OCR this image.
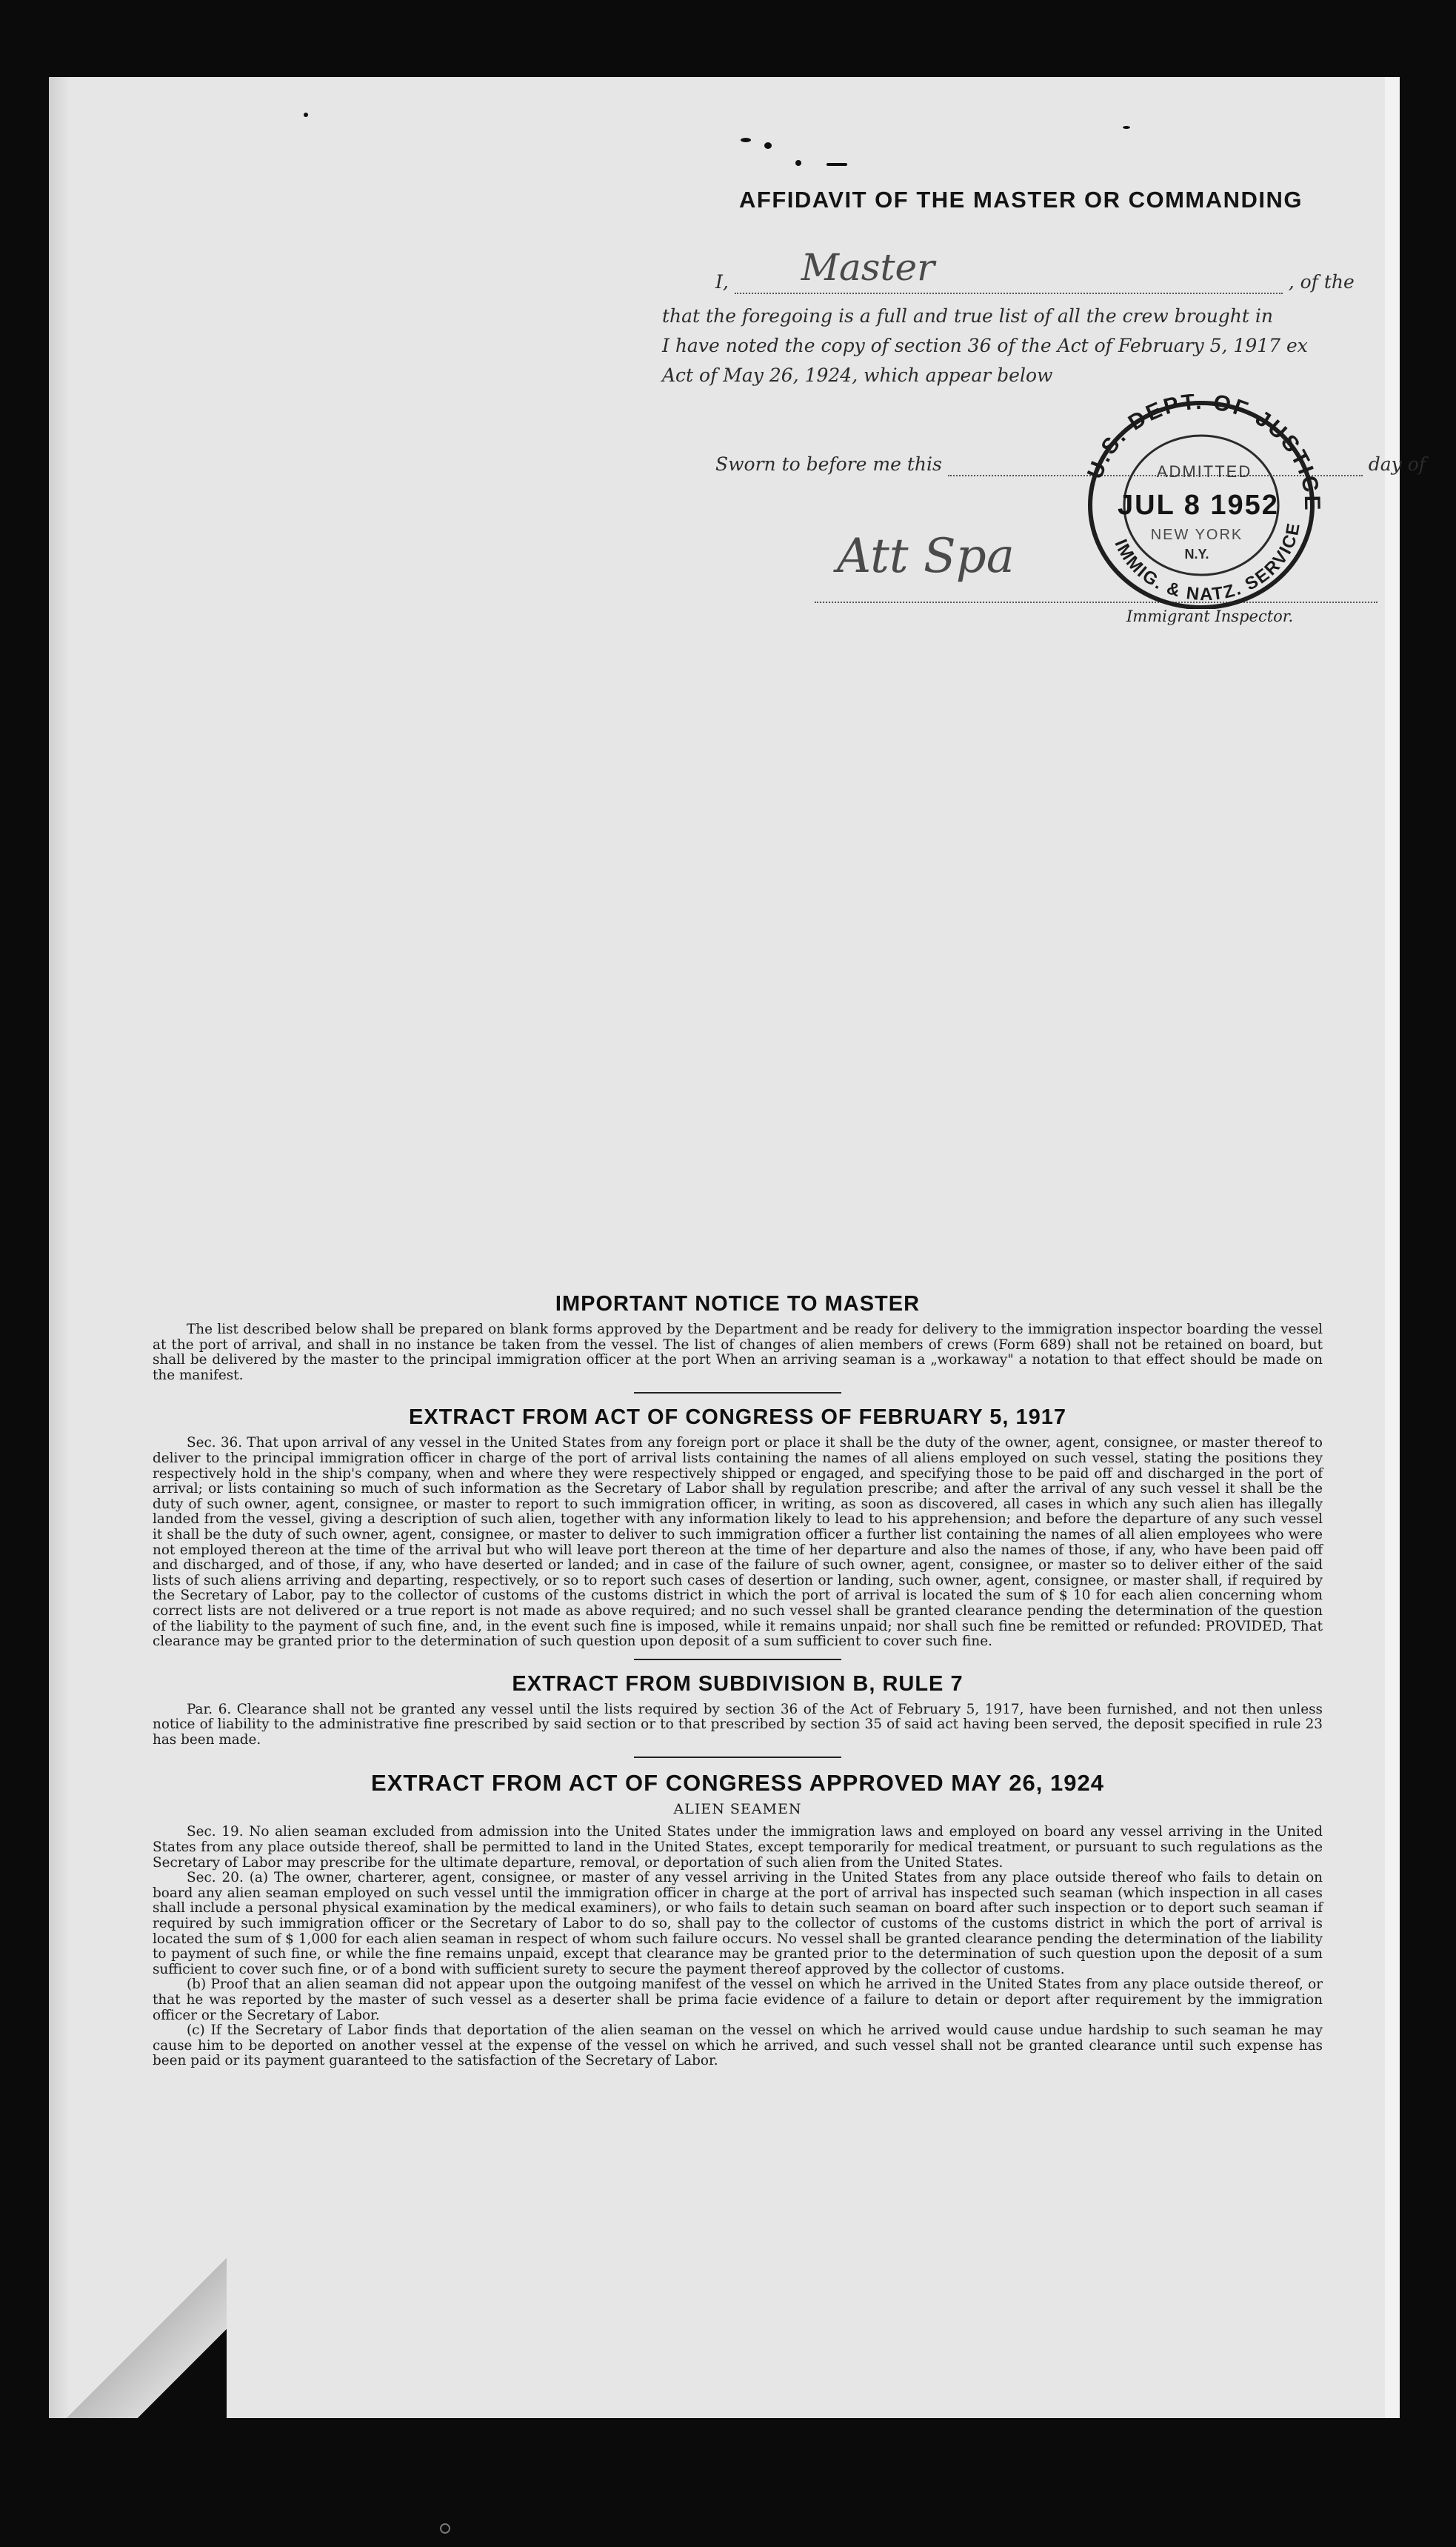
AFFIDAVIT OF THE MASTER OR COMMANDING
I, Master	, of the
that the foregoing is a full and true list of all the crew brought in
I have noted the copy of section 36 of the Act of February 5, 1917 ex
Act of May 26, 1924, which appear below
Sworn to before me this	day of
Att Spa
Immigrant Inspector.
U.S. DEPT. OF JUSTICE
IMMIG. & NATZ. SERVICE
ADMITTED
JUL 8 1952
NEW YORK
N.Y.
IMPORTANT NOTICE TO MASTER

The list described below shall be prepared on blank forms approved by the Department and be ready for delivery to the immigration inspector boarding the vessel at the port of arrival, and shall in no instance be taken from the vessel. The list of changes of alien members of crews (Form 689) shall not be retained on board, but shall be delivered by the master to the principal immigration officer at the port When an arriving seaman is a „workaway" a notation to that effect should be made on the manifest.

EXTRACT FROM ACT OF CONGRESS OF FEBRUARY 5, 1917

Sec. 36. That upon arrival of any vessel in the United States from any foreign port or place it shall be the duty of the owner, agent, consignee, or master thereof to deliver to the principal immigration officer in charge of the port of arrival lists containing the names of all aliens employed on such vessel, stating the positions they respectively hold in the ship's company, when and where they were respectively shipped or engaged, and specifying those to be paid off and discharged in the port of arrival; or lists containing so much of such information as the Secretary of Labor shall by regulation prescribe; and after the arrival of any such vessel it shall be the duty of such owner, agent, consignee, or master to report to such immigration officer, in writing, as soon as discovered, all cases in which any such alien has illegally landed from the vessel, giving a description of such alien, together with any information likely to lead to his apprehension; and before the departure of any such vessel it shall be the duty of such owner, agent, consignee, or master to deliver to such immigration officer a further list containing the names of all alien employees who were not employed thereon at the time of the arrival but who will leave port thereon at the time of her departure and also the names of those, if any, who have been paid off and discharged, and of those, if any, who have deserted or landed; and in case of the failure of such owner, agent, consignee, or master so to deliver either of the said lists of such aliens arriving and departing, respectively, or so to report such cases of desertion or landing, such owner, agent, consignee, or master shall, if required by the Secretary of Labor, pay to the collector of customs of the customs district in which the port of arrival is located the sum of $ 10 for each alien concerning whom correct lists are not delivered or a true report is not made as above required; and no such vessel shall be granted clearance pending the determination of the question of the liability to the payment of such fine, and, in the event such fine is imposed, while it remains unpaid; nor shall such fine be remitted or refunded: PROVIDED, That clearance may be granted prior to the determination of such question upon deposit of a sum sufficient to cover such fine.

EXTRACT FROM SUBDIVISION B, RULE 7

Par. 6. Clearance shall not be granted any vessel until the lists required by section 36 of the Act of February 5, 1917, have been furnished, and not then unless notice of liability to the administrative fine prescribed by said section or to that prescribed by section 35 of said act having been served, the deposit specified in rule 23 has been made.

EXTRACT FROM ACT OF CONGRESS APPROVED MAY 26, 1924
ALIEN SEAMEN

Sec. 19. No alien seaman excluded from admission into the United States under the immigration laws and employed on board any vessel arriving in the United States from any place outside thereof, shall be permitted to land in the United States, except temporarily for medical treatment, or pursuant to such regulations as the Secretary of Labor may prescribe for the ultimate departure, removal, or deportation of such alien from the United States.

Sec. 20. (a) The owner, charterer, agent, consignee, or master of any vessel arriving in the United States from any place outside thereof who fails to detain on board any alien seaman employed on such vessel until the immigration officer in charge at the port of arrival has inspected such seaman (which inspection in all cases shall include a personal physical examination by the medical examiners), or who fails to detain such seaman on board after such inspection or to deport such seaman if required by such immigration officer or the Secretary of Labor to do so, shall pay to the collector of customs of the customs district in which the port of arrival is located the sum of $ 1,000 for each alien seaman in respect of whom such failure occurs. No vessel shall be granted clearance pending the determination of the liability to payment of such fine, or while the fine remains unpaid, except that clearance may be granted prior to the determination of such question upon the deposit of a sum sufficient to cover such fine, or of a bond with sufficient surety to secure the payment thereof approved by the collector of customs.

(b) Proof that an alien seaman did not appear upon the outgoing manifest of the vessel on which he arrived in the United States from any place outside thereof, or that he was reported by the master of such vessel as a deserter shall be prima facie evidence of a failure to detain or deport after requirement by the immigration officer or the Secretary of Labor.

(c) If the Secretary of Labor finds that deportation of the alien seaman on the vessel on which he arrived would cause undue hardship to such seaman he may cause him to be deported on another vessel at the expense of the vessel on which he arrived, and such vessel shall not be granted clearance until such expense has been paid or its payment guaranteed to the satisfaction of the Secretary of Labor.
